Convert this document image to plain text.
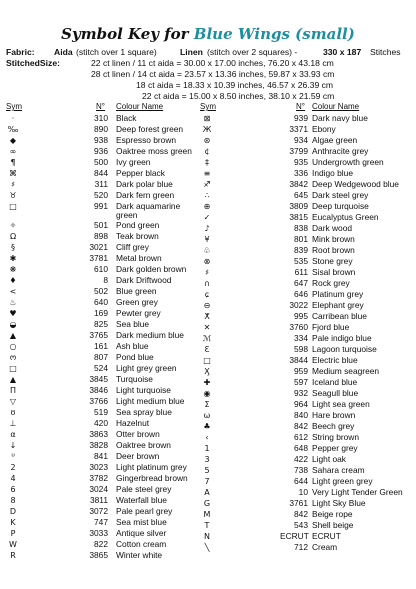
Symbol Key for Blue Wings (small)
Fabric: Aida (stitch over 1 square)	Linen (stitch over 2 squares) -	330 x 187 Stitches
StitchedSize:	22 ct linen / 11 ct aida = 30.00 x 17.00 inches, 76.20 x 43.18 cm
28 ct linen / 14 ct aida = 23.57 x 13.36 inches, 59.87 x 33.93 cm
18 ct aida = 18.33 x 10.39 inches, 46.57 x 26.39 cm
22 ct aida = 15.00 x 8.50 inches, 38.10 x 21.59 cm
Sym	N° Colour Name	Sym	N° Colour Name
·	310 Black
‰	890 Deep forest green
◆	938 Espresso brown
∞	936 Oaktree moss green
¶	500 Ivy green
⌘	844 Pepper black
♯	311 Dark polar blue
♉	520 Dark fern green
□	991 Dark aquamarine green
✧	501 Pond green
Ω	898 Teak brown
§	3021 Cliff grey
✱	3781 Metal brown
❋	610 Dark golden brown
♦	8 Dark Driftwood
<	502 Blue green
♨	640 Green grey
♥	169 Pewter grey
◒	825 Sea blue
▲	3765 Dark medium blue
○	161 Ash blue
ო	807 Pond blue
□	524 Light grey green
▲	3845 Turquoise
Π	3846 Light turquoise
▽	3766 Light medium blue
ʊ	519 Sea spray blue
⊥	420 Hazelnut
α	3863 Otter brown
↓	3828 Oaktree brown
ᓑ	841 Deer brown
2	3023 Light platinum grey
4	3782 Gingerbread brown
6	3024 Pale steel grey
8	3811 Waterfall blue
D	3072 Pale pearl grey
K	747 Sea mist blue
P	3033 Antique silver
W	822 Cotton cream
R	3865 Winter white
⊠	939 Dark navy blue
Ж	3371 Ebony
⊛	934 Algae green
¢	3799 Anthracite grey
‡	935 Undergrowth green
≡	336 Indigo blue
♐	3842 Deep Wedgewood blue
∴	645 Dark steel grey
⊕	3809 Deep turquoise
✓	3815 Eucalyptus Green
♪	838 Dark wood
¥	801 Mink brown
♧	839 Root brown
⊗	535 Stone grey
♯	611 Sisal brown
∩	647 Rock grey
ɕ	646 Platinum grey
⊖	3022 Elephant grey
ⵅ	995 Carribean blue
✕	3760 Fjord blue
ℳ	334 Pale indigo blue
Ɛ	598 Lagoon turquoise
□	3844 Electric blue
Ӽ	959 Medium seagreen
✚	597 Iceland blue
◉	932 Seagull blue
Σ	964 Light sea green
ω	840 Hare brown
♣	842 Beech grey
‹	612 String brown
1	648 Pepper grey
3	422 Light oak
5	738 Sahara cream
7	644 Light green grey
A	10 Very Light Tender Green
G	3761 Light Sky Blue
M	842 Beige rope
T	543 Shell beige
N	ECRUT ECRUT
╲	712 Cream
